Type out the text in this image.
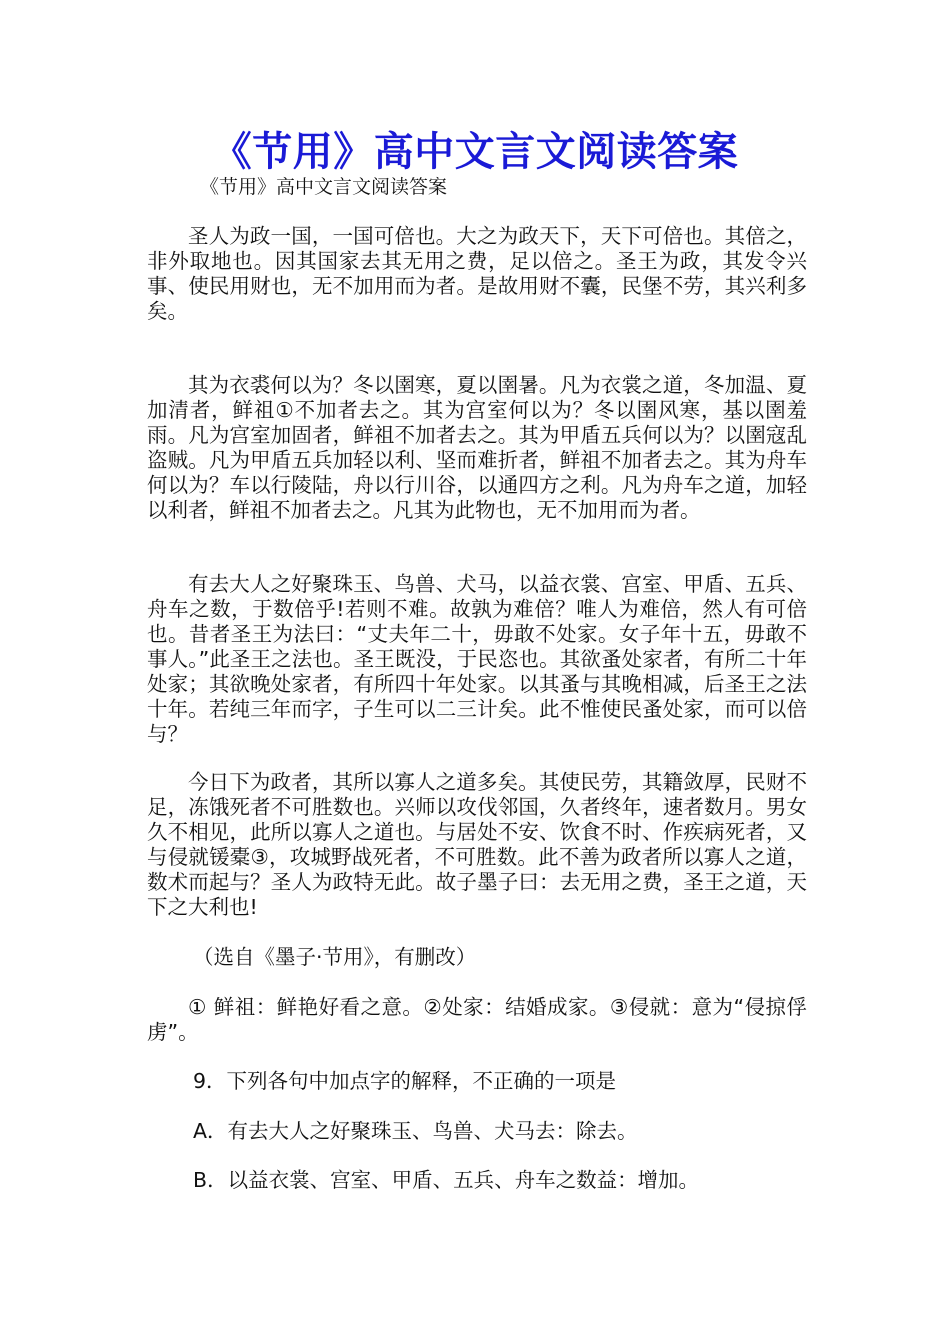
《节用》高中文言文阅读答案

《节用》高中文言文阅读答案

圣人为政一国，一国可倍也。大之为政天下，天下可倍也。其倍之，非外取地也。因其国家去其无用之费，足以倍之。圣王为政，其发令兴事、使民用财也，无不加用而为者。是故用财不囊，民堡不劳，其兴利多矣。

其为衣裘何以为？冬以圉寒，夏以圉暑。凡为衣裳之道，冬加温、夏加清者，鲜祖①不加者去之。其为宫室何以为？冬以圉风寒，基以圉羞雨。凡为宫室加固者，鲜祖不加者去之。其为甲盾五兵何以为？以圉寇乱盗贼。凡为甲盾五兵加轻以利、坚而难折者，鲜祖不加者去之。其为舟车何以为？车以行陵陆，舟以行川谷，以通四方之利。凡为舟车之道，加轻以利者，鲜祖不加者去之。凡其为此物也，无不加用而为者。

有去大人之好聚珠玉、鸟兽、犬马，以益衣裳、宫室、甲盾、五兵、舟车之数，于数倍乎!若则不难。故孰为难倍？唯人为难倍，然人有可倍也。昔者圣王为法曰：“丈夫年二十，毋敢不处家。女子年十五，毋敢不事人。”此圣王之法也。圣王既没，于民恣也。其欲蚤处家者，有所二十年处家；其欲晚处家者，有所四十年处家。以其蚤与其晚相减，后圣王之法十年。若纯三年而字，子生可以二三计矣。此不惟使民蚤处家，而可以倍与？

今日下为政者，其所以寡人之道多矣。其使民劳，其籍敛厚，民财不足，冻饿死者不可胜数也。兴师以攻伐邻国，久者终年，速者数月。男女久不相见，此所以寡人之道也。与居处不安、饮食不时、作疾病死者，又与侵就锾橐③，攻城野战死者，不可胜数。此不善为政者所以寡人之道，数术而起与？圣人为政特无此。故子墨子曰：去无用之费，圣王之道，天下之大利也!

（选自《墨子·节用》，有删改）

① 鲜祖：鲜艳好看之意。②处家：结婚成家。③侵就：意为“侵掠俘虏”。

9．下列各句中加点字的解释，不正确的一项是

A．有去大人之好聚珠玉、鸟兽、犬马去：除去。

B．以益衣裳、宫室、甲盾、五兵、舟车之数益：增加。
